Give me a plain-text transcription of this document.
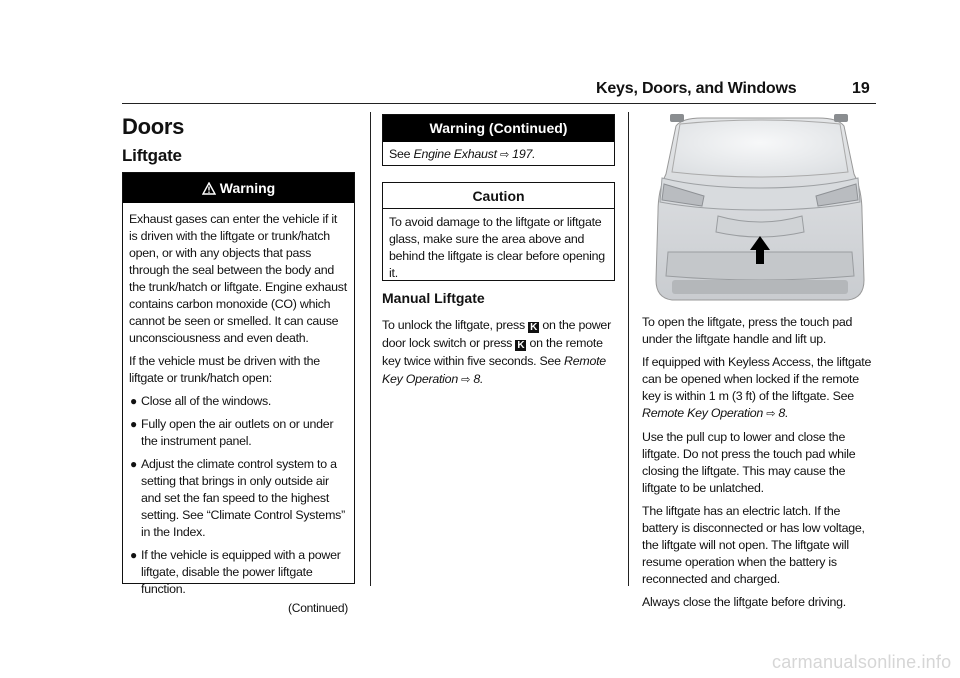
Keys, Doors, and Windows	19
Doors
Liftgate
Warning

Exhaust gases can enter the vehicle if it is driven with the liftgate or trunk/hatch open, or with any objects that pass through the seal between the body and the trunk/hatch or liftgate. Engine exhaust contains carbon monoxide (CO) which cannot be seen or smelled. It can cause unconsciousness and even death.

If the vehicle must be driven with the liftgate or trunk/hatch open:

● Close all of the windows.
● Fully open the air outlets on or under the instrument panel.
● Adjust the climate control system to a setting that brings in only outside air and set the fan speed to the highest setting. See “Climate Control Systems” in the Index.
● If the vehicle is equipped with a power liftgate, disable the power liftgate function.
(Continued)
Warning (Continued)
See Engine Exhaust ⇨ 197.
Caution
To avoid damage to the liftgate or liftgate glass, make sure the area above and behind the liftgate is clear before opening it.
Manual Liftgate
To unlock the liftgate, press K on the power door lock switch or press K on the remote key twice within five seconds. See Remote Key Operation ⇨ 8.

To open the liftgate, press the touch pad under the liftgate handle and lift up.

If equipped with Keyless Access, the liftgate can be opened when locked if the remote key is within 1 m (3 ft) of the liftgate. See Remote Key Operation ⇨ 8.

Use the pull cup to lower and close the liftgate. Do not press the touch pad while closing the liftgate. This may cause the liftgate to be unlatched.

The liftgate has an electric latch. If the battery is disconnected or has low voltage, the liftgate will not open. The liftgate will resume operation when the battery is reconnected and charged.

Always close the liftgate before driving.

carmanualsonline.info
